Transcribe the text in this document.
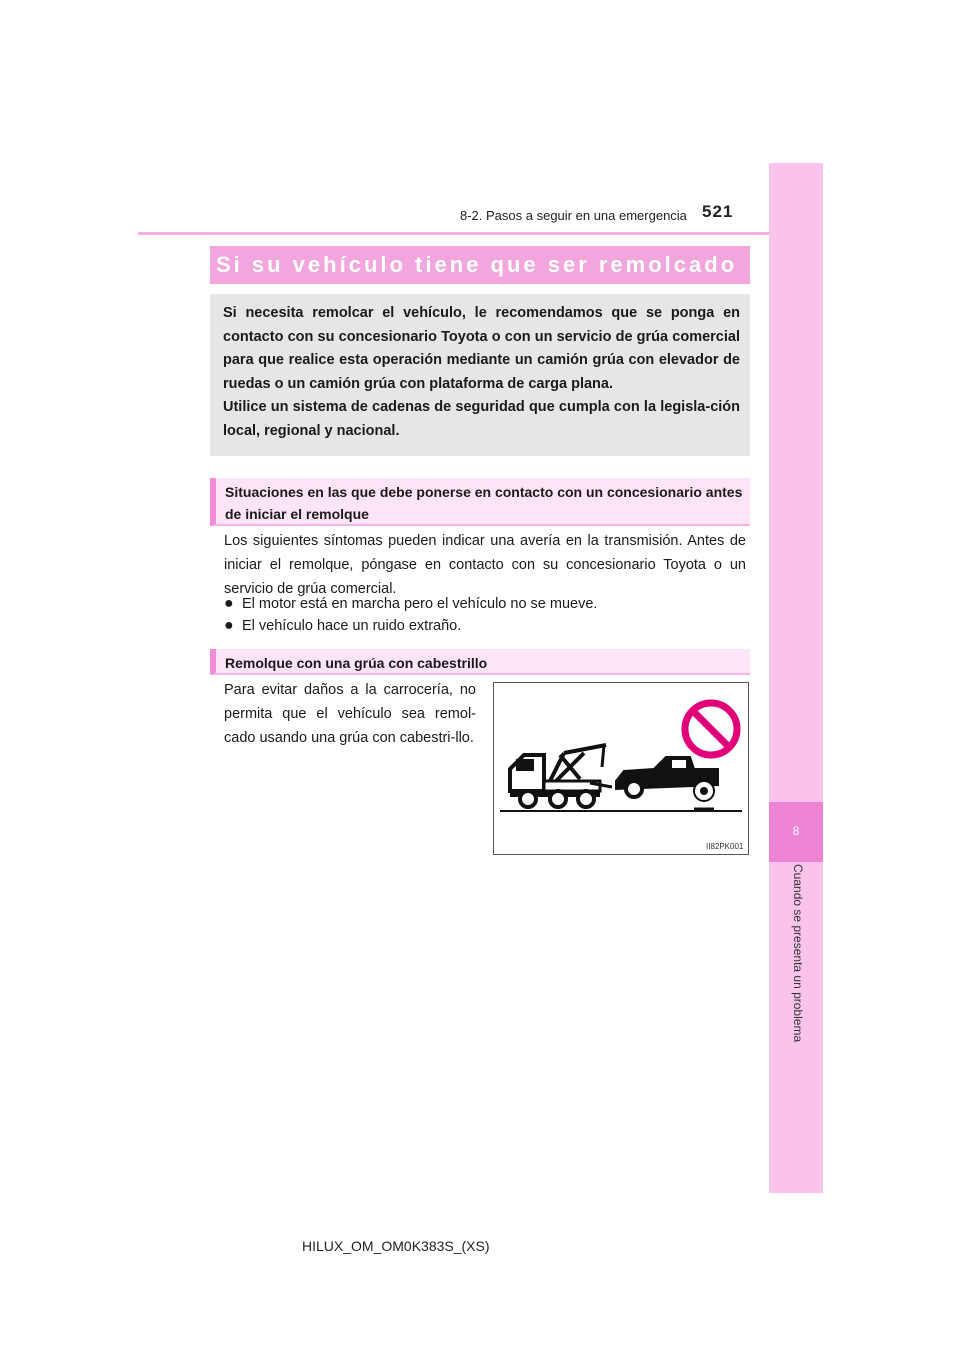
8-2. Pasos a seguir en una emergencia 521
8
Cuando se presenta un problema
Si su vehículo tiene que ser remolcado

Si necesita remolcar el vehículo, le recomendamos que se ponga en contacto con su concesionario Toyota o con un servicio de grúa comercial para que realice esta operación mediante un camión grúa con elevador de ruedas o un camión grúa con plataforma de carga plana.

Utilice un sistema de cadenas de seguridad que cumpla con la legisla-ción local, regional y nacional.

Situaciones en las que debe ponerse en contacto con un concesionario antes de iniciar el remolque

Los siguientes síntomas pueden indicar una avería en la transmisión. Antes de iniciar el remolque, póngase en contacto con su concesionario Toyota o un servicio de grúa comercial.

● El motor está en marcha pero el vehículo no se mueve.
● El vehículo hace un ruido extraño.
Remolque con una grúa con cabestrillo

Para evitar daños a la carrocería, no permita que el vehículo sea remol-cado usando una grúa con cabestri-llo.

II82PK001
HILUX_OM_OM0K383S_(XS)
